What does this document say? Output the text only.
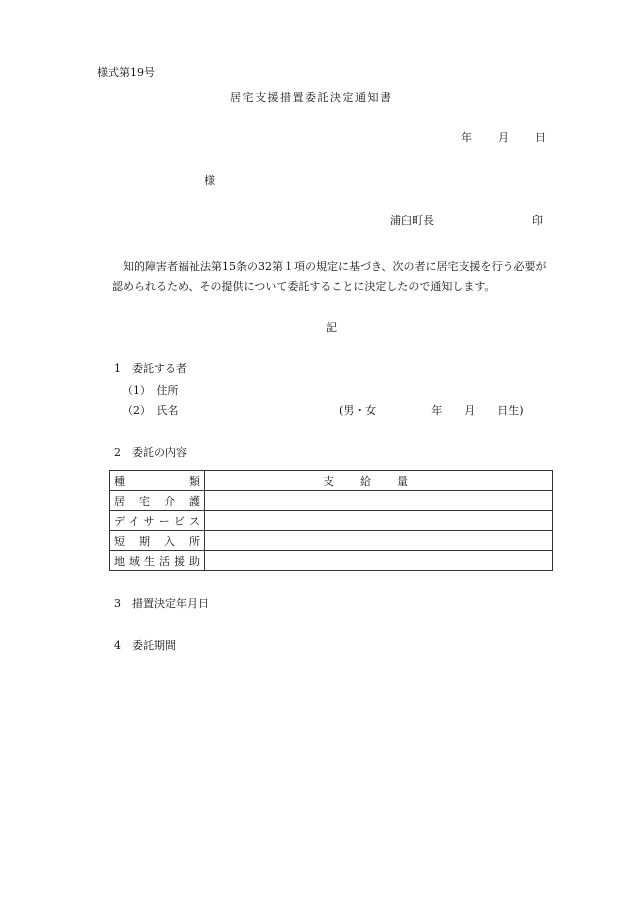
様式第19号
居宅支援措置委託決定通知書
年 月 日
様
浦臼町長	印

知的障害者福祉法第15条の32第１項の規定に基づき、次の者に居宅支援を行う必要が

認められるため、その提供について委託することに決定したので通知します。

記
1　委託する者
（1）　住所
（2）　氏名	(男・女　　　　　年　　月　　日生)
2　委託の内容
種類	支給量
居宅介護	
デイサービス	
短期入所	
地域生活援助	
3　措置決定年月日
4　委託期間
